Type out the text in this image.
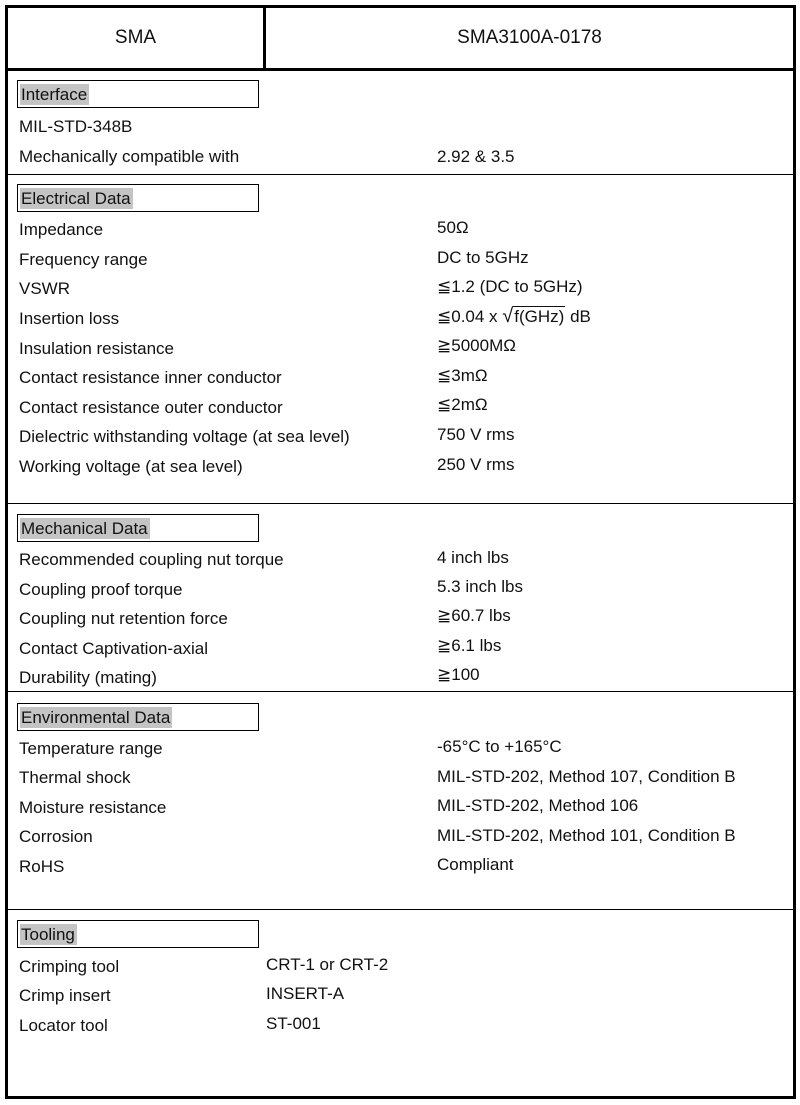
SMA	SMA3100A-0178
Interface
MIL-STD-348B
Mechanically compatible with	2.92 & 3.5
Electrical Data
Impedance	50Ω
Frequency range	DC to 5GHz
VSWR	≦1.2 (DC to 5GHz)
Insertion loss	≦0.04 x √f(GHz) dB
Insulation resistance	≧5000MΩ
Contact resistance inner conductor	≦3mΩ
Contact resistance outer conductor	≦2mΩ
Dielectric withstanding voltage (at sea level)	750 V rms
Working voltage (at sea level)	250 V rms
Mechanical Data
Recommended coupling nut torque	4 inch lbs
Coupling proof torque	5.3 inch lbs
Coupling nut retention force	≧60.7 lbs
Contact Captivation-axial	≧6.1 lbs
Durability (mating)	≧100
Environmental Data
Temperature range	-65°C to +165°C
Thermal shock	MIL-STD-202, Method 107, Condition B
Moisture resistance	MIL-STD-202, Method 106
Corrosion	MIL-STD-202, Method 101, Condition B
RoHS	Compliant
Tooling
Crimping tool	CRT-1 or CRT-2
Crimp insert	INSERT-A
Locator tool	ST-001
